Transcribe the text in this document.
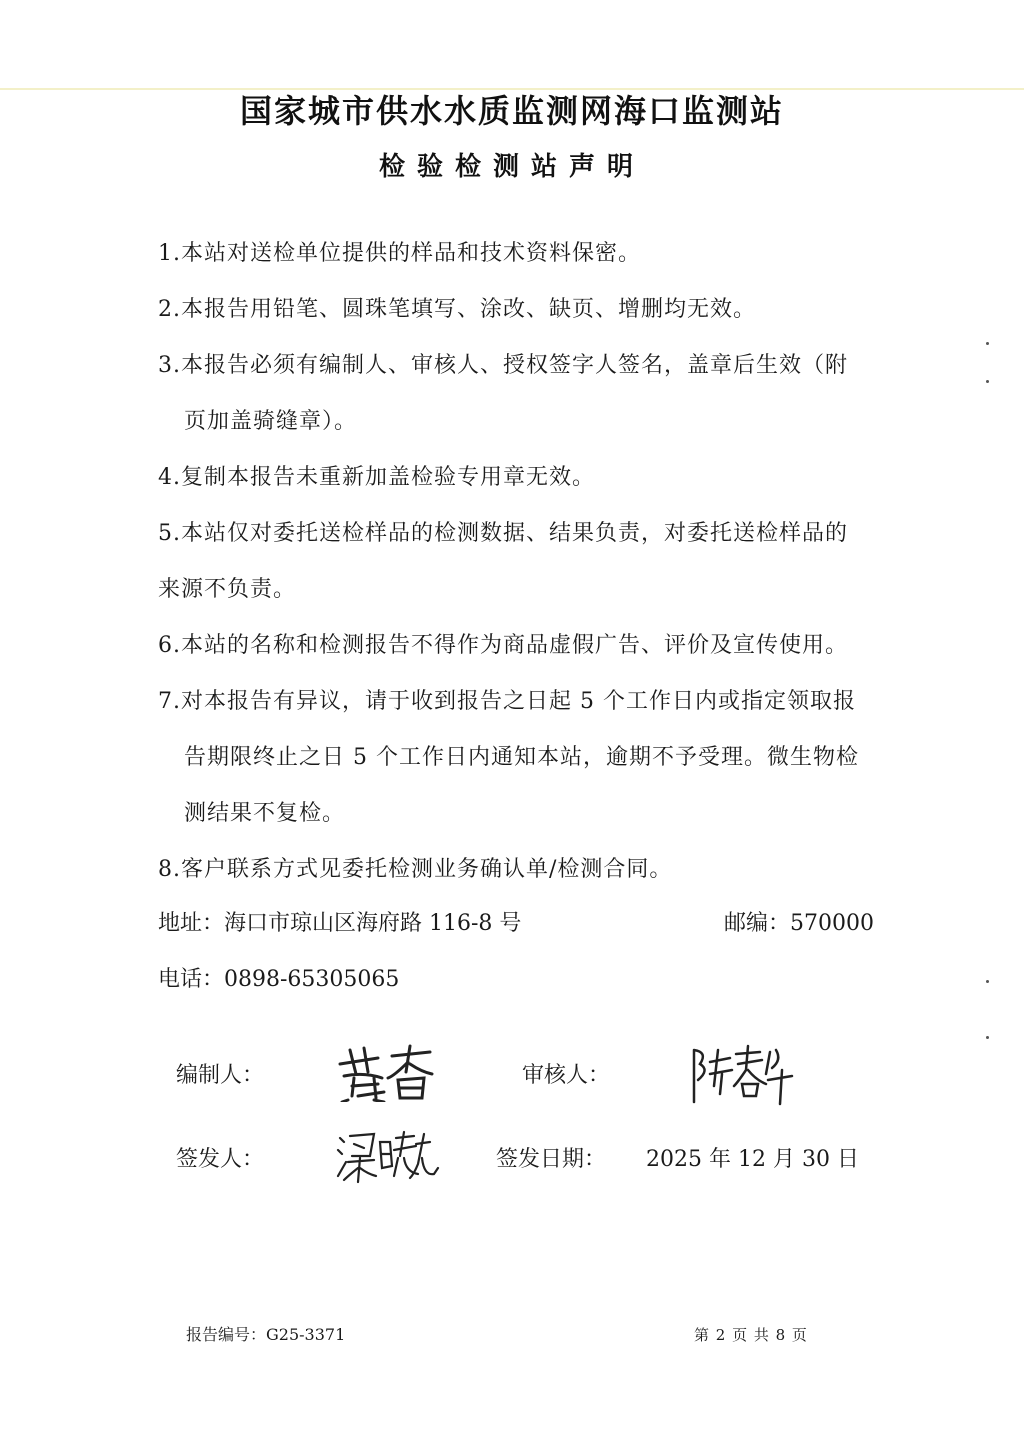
国家城市供水水质监测网海口监测站
检验检测站声明
1.本站对送检单位提供的样品和技术资料保密。
2.本报告用铅笔、圆珠笔填写、涂改、缺页、增删均无效。
3.本报告必须有编制人、审核人、授权签字人签名，盖章后生效（附
页加盖骑缝章）。
4.复制本报告未重新加盖检验专用章无效。
5.本站仅对委托送检样品的检测数据、结果负责，对委托送检样品的
来源不负责。
6.本站的名称和检测报告不得作为商品虚假广告、评价及宣传使用。
7.对本报告有异议，请于收到报告之日起 5 个工作日内或指定领取报
告期限终止之日 5 个工作日内通知本站，逾期不予受理。微生物检
测结果不复检。
8.客户联系方式见委托检测业务确认单/检测合同。
地址：海口市琼山区海府路 116-8 号	邮编：570000
电话：0898-65305065
编制人：	审核人：
签发人：	签发日期： 2025 年 12 月 30 日
报告编号：G25-3371	第 2 页 共 8 页
